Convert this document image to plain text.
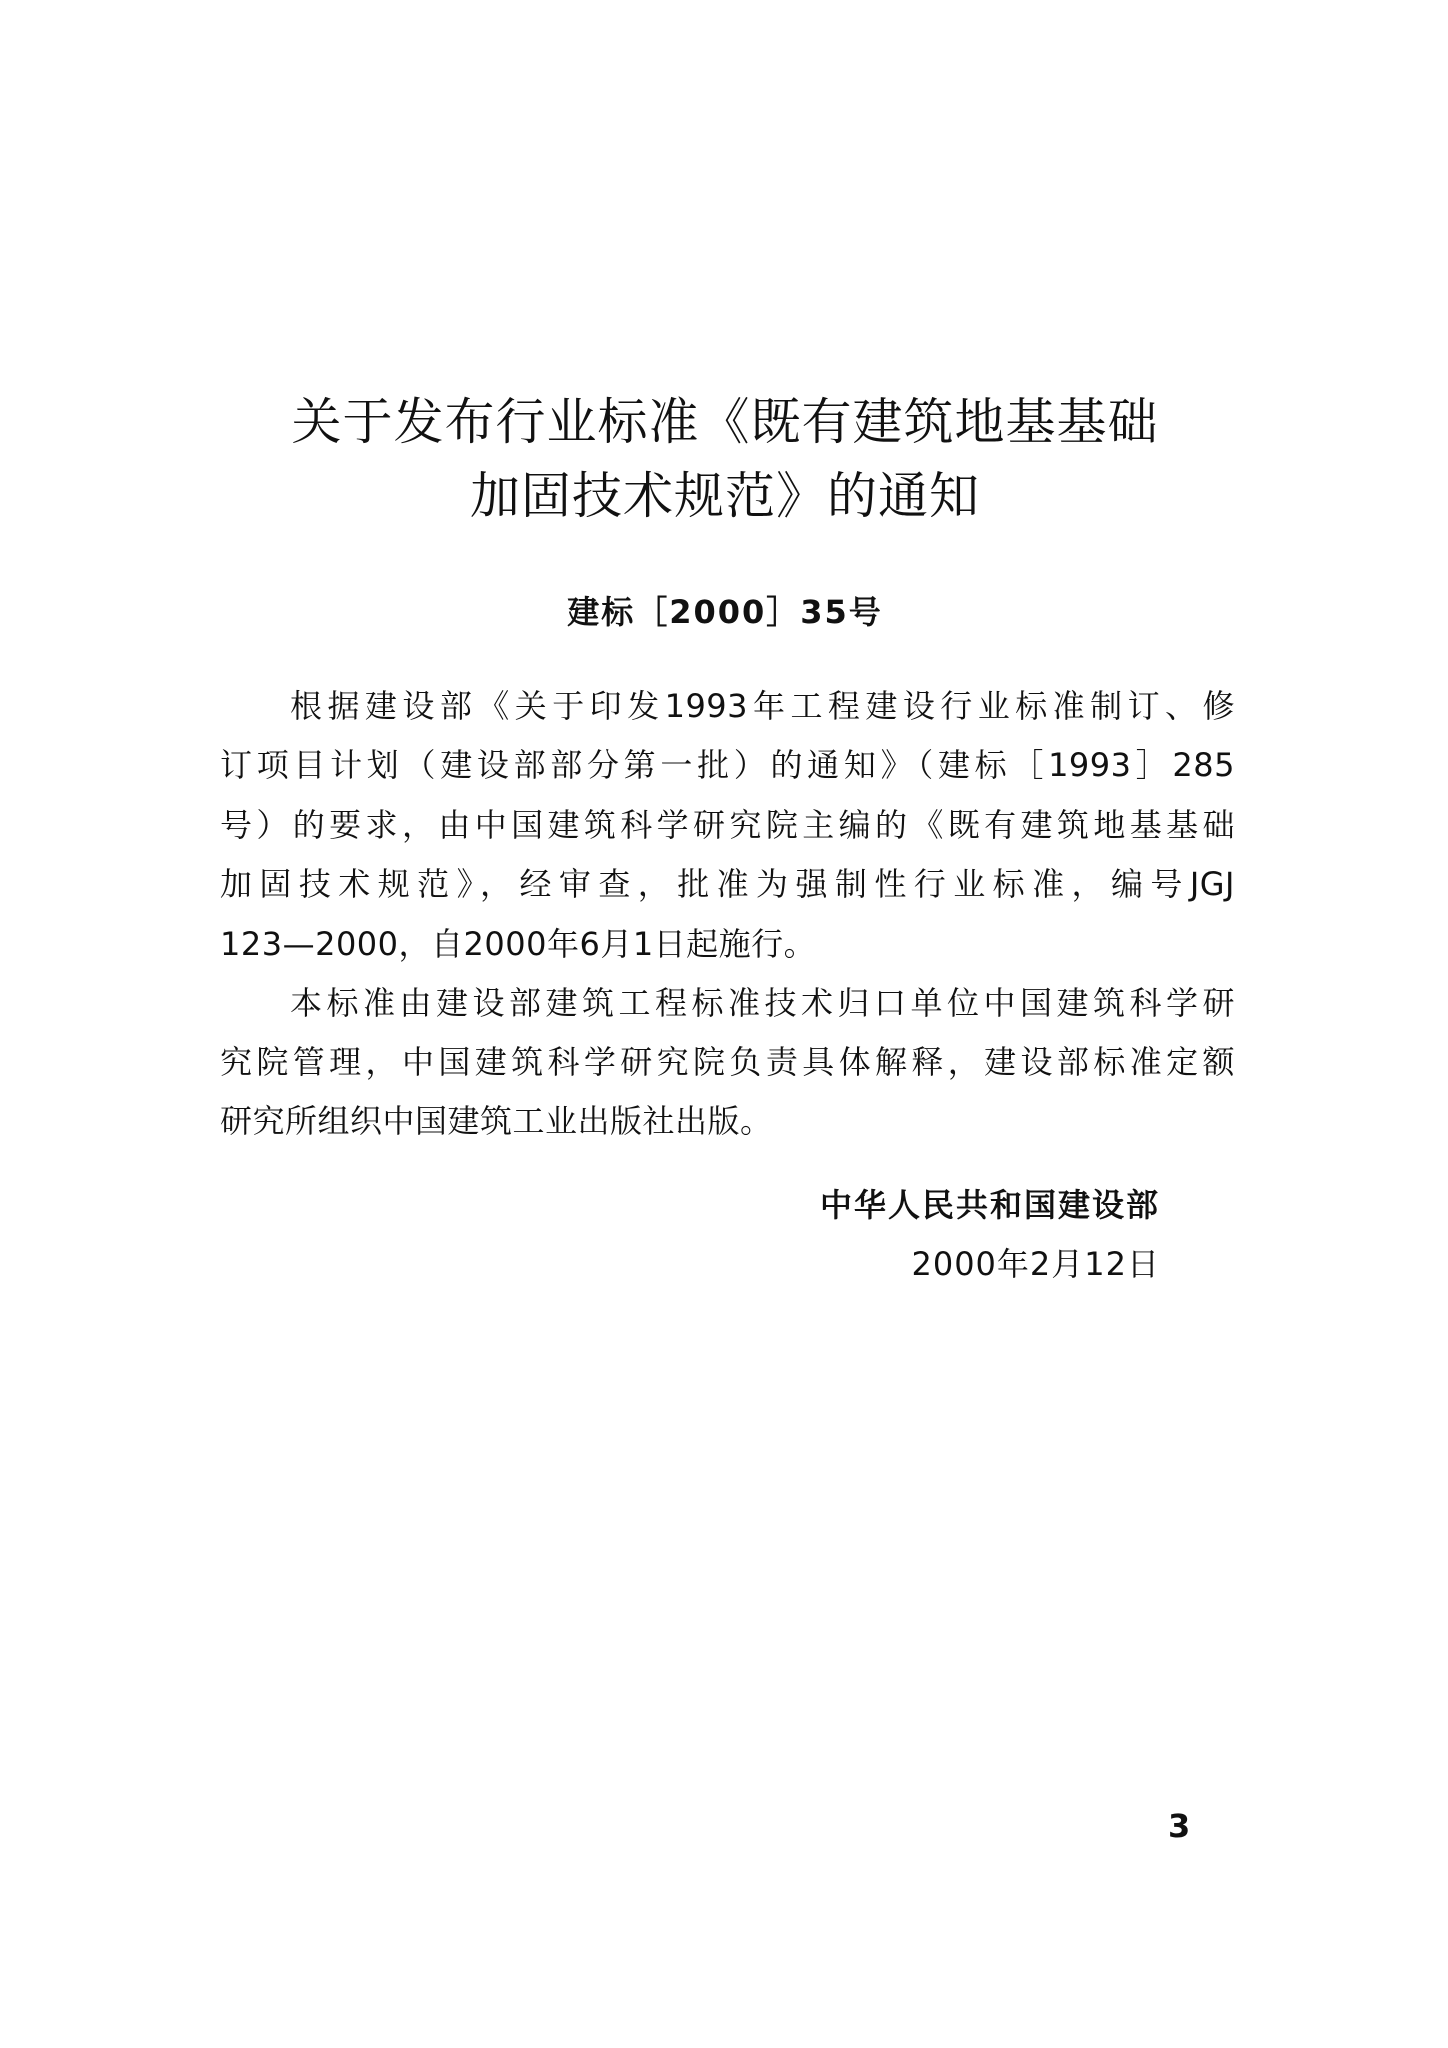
关于发布行业标准《既有建筑地基基础
加固技术规范》的通知
建标［2000］35号
根据建设部《关于印发1993年工程建设行业标准制订、修
订项目计划（建设部部分第一批）的通知》（建标［1993］285
号）的要求，由中国建筑科学研究院主编的《既有建筑地基基础
加固技术规范》，经审查，批准为强制性行业标准，编号JGJ
123—2000，自2000年6月1日起施行。
本标准由建设部建筑工程标准技术归口单位中国建筑科学研
究院管理，中国建筑科学研究院负责具体解释，建设部标准定额
研究所组织中国建筑工业出版社出版。
中华人民共和国建设部
2000年2月12日
3
